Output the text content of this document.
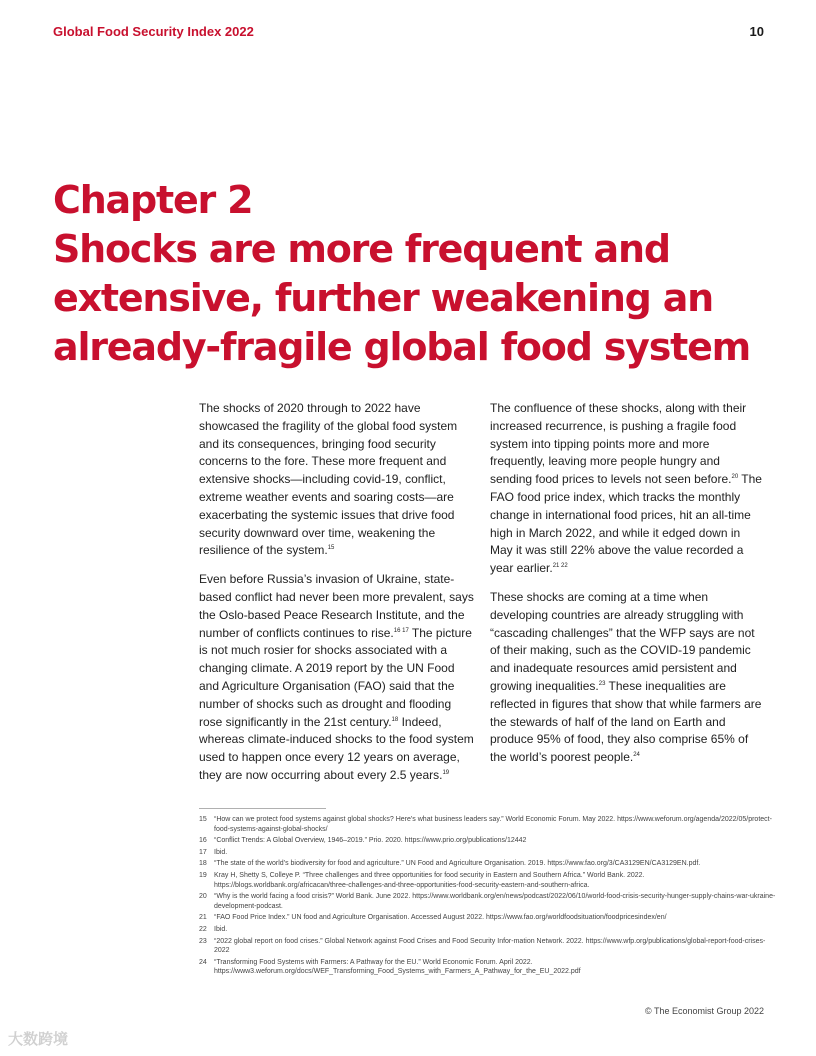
Global Food Security Index 2022	10
Chapter 2
Shocks are more frequent and
extensive, further weakening an
already-fragile global food system

The shocks of 2020 through to 2022 have showcased the fragility of the global food system and its consequences, bringing food security concerns to the fore. These more frequent and extensive shocks—including covid-19, conflict, extreme weather events and soaring costs—are exacerbating the systemic issues that drive food security downward over time, weakening the resilience of the system.$^{15}$

Even before Russia’s invasion of Ukraine, state-based conflict had never been more prevalent, says the Oslo-based Peace Research Institute, and the number of conflicts continues to rise.$^{16 17}$ The picture is not much rosier for shocks associated with a changing climate. A 2019 report by the UN Food and Agriculture Organisation (FAO) said that the number of shocks such as drought and flooding rose significantly in the 21st century.$^{18}$ Indeed, whereas climate-induced shocks to the food system used to happen once every 12 years on average, they are now occurring about every 2.5 years.$^{19}$

The confluence of these shocks, along with their increased recurrence, is pushing a fragile food system into tipping points more and more frequently, leaving more people hungry and sending food prices to levels not seen before.$^{20}$ The FAO food price index, which tracks the monthly change in international food prices, hit an all-time high in March 2022, and while it edged down in May it was still 22% above the value recorded a year earlier.$^{21 22}$

These shocks are coming at a time when developing countries are already struggling with “cascading challenges” that the WFP says are not of their making, such as the COVID-19 pandemic and inadequate resources amid persistent and growing inequalities.$^{23}$ These inequalities are reflected in figures that show that while farmers are the stewards of half of the land on Earth and produce 95% of food, they also comprise 65% of the world’s poorest people.$^{24}$

15	“How can we protect food systems against global shocks? Here’s what business leaders say.” World Economic Forum. May 2022. https://www.weforum.org/agenda/2022/05/protect-food-systems-against-global-shocks/
16	“Conflict Trends: A Global Overview, 1946–2019.” Prio. 2020. https://www.prio.org/publications/12442
17	Ibid.
18	“The state of the world’s biodiversity for food and agriculture.” UN Food and Agriculture Organisation. 2019. https://www.fao.org/3/CA3129EN/CA3129EN.pdf.
19	Kray H, Shetty S, Colleye P. “Three challenges and three opportunities for food security in Eastern and Southern Africa.” World Bank. 2022. https://blogs.worldbank.org/africacan/three-challenges-and-three-opportunities-food-security-eastern-and-southern-africa.
20	“Why is the world facing a food crisis?” World Bank. June 2022. https://www.worldbank.org/en/news/podcast/2022/06/10/world-food-crisis-security-hunger-supply-chains-war-ukraine-development-podcast.
21	“FAO Food Price Index.” UN food and Agriculture Organisation. Accessed August 2022. https://www.fao.org/worldfoodsituation/foodpricesindex/en/
22	Ibid.
23	“2022 global report on food crises.” Global Network against Food Crises and Food Security Infor-mation Network. 2022. https://www.wfp.org/publications/global-report-food-crises-2022
24	“Transforming Food Systems with Farmers: A Pathway for the EU.” World Economic Forum. April 2022. https://www3.weforum.org/docs/WEF_Transforming_Food_Systems_with_Farmers_A_Pathway_for_the_EU_2022.pdf
© The Economist Group 2022
大数跨境
